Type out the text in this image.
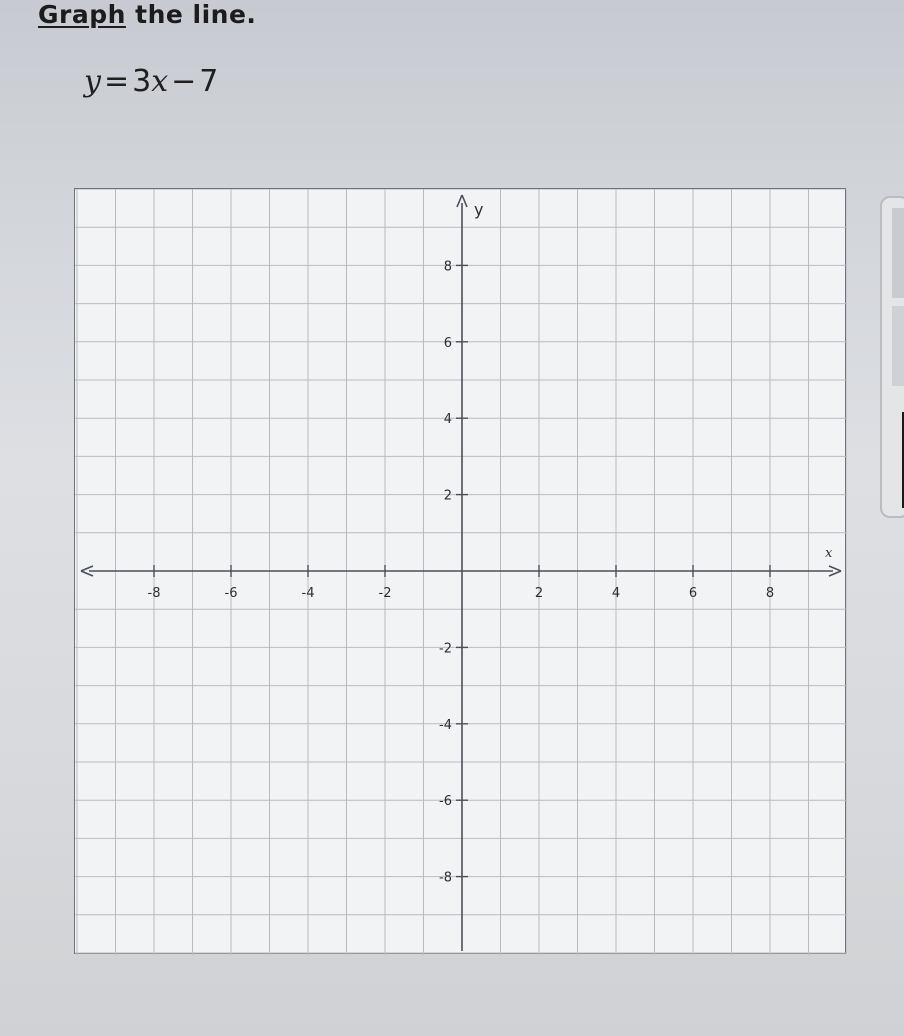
Graph the line.
y = 3x − 7
x
y
-8	-6	-4	-2	2	4	6	8
8
6
4
2
-2
-4
-6
-8
